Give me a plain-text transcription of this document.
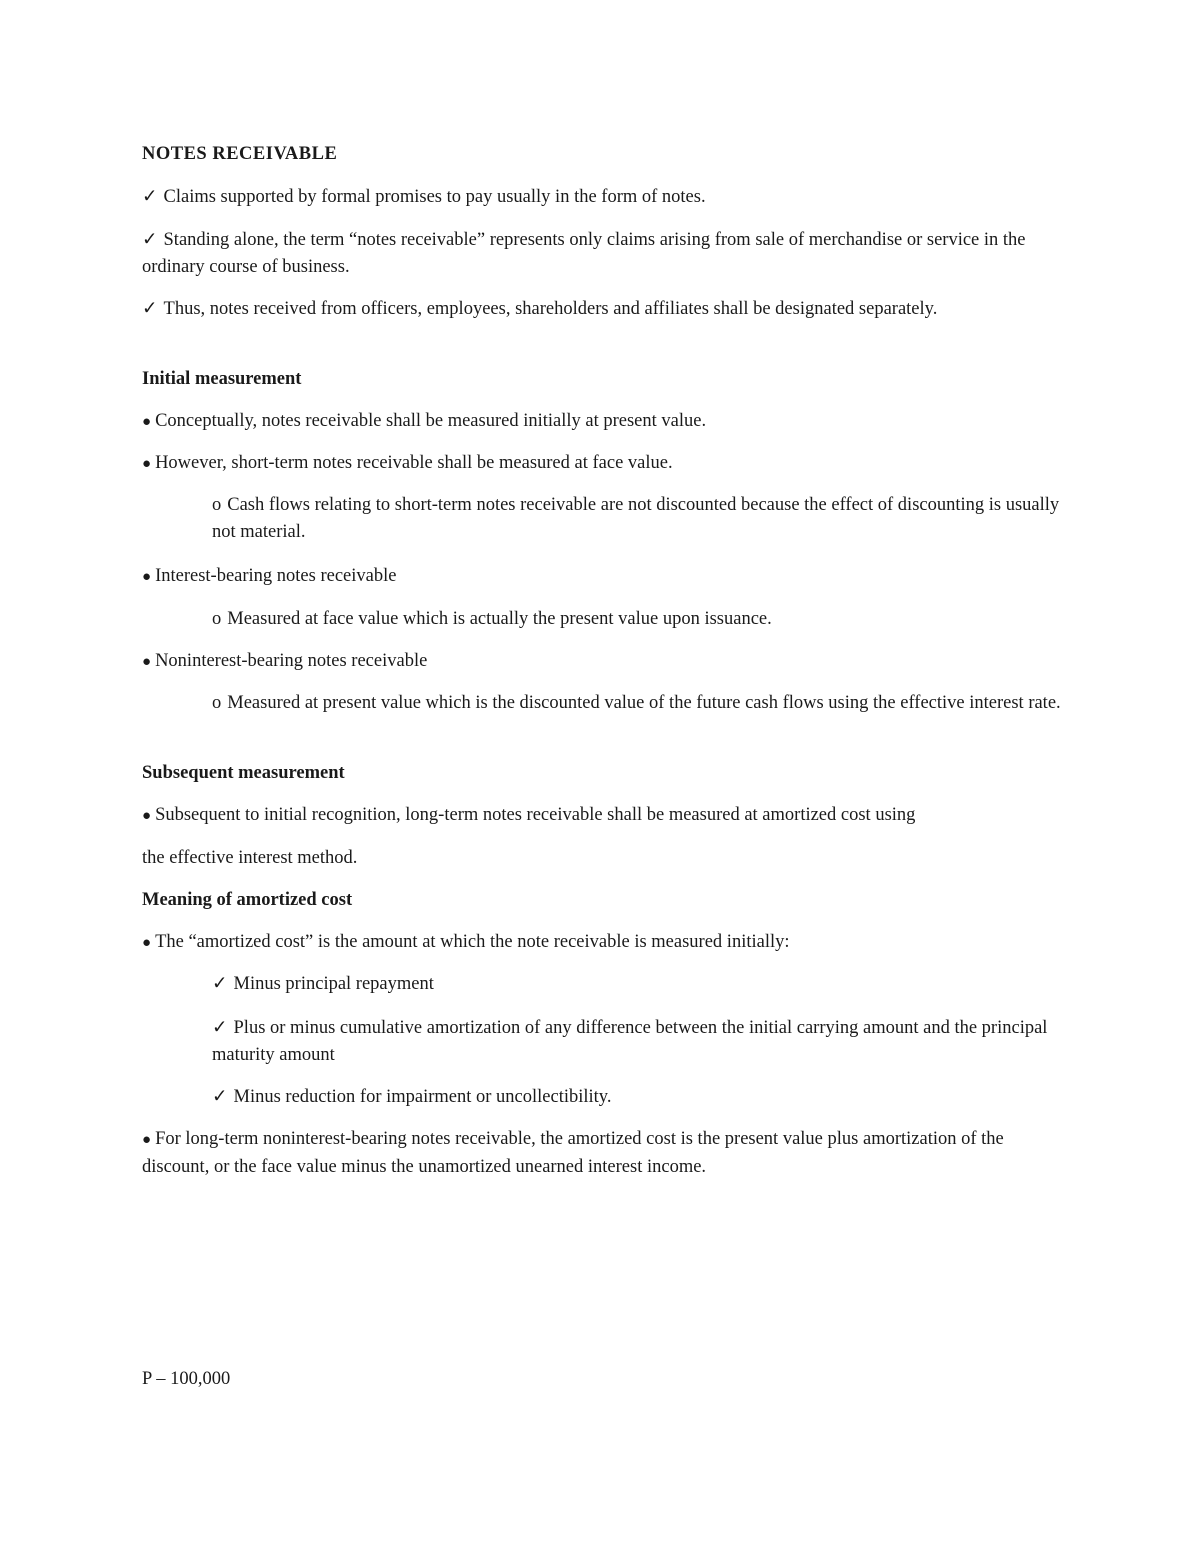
NOTES RECEIVABLE

✓ Claims supported by formal promises to pay usually in the form of notes.

✓ Standing alone, the term “notes receivable” represents only claims arising from sale of merchandise or service in the ordinary course of business.

✓ Thus, notes received from officers, employees, shareholders and affiliates shall be designated separately.

Initial measurement

● Conceptually, notes receivable shall be measured initially at present value.

● However, short-term notes receivable shall be measured at face value.

o Cash flows relating to short-term notes receivable are not discounted because the effect of discounting is usually not material.

● Interest-bearing notes receivable

o Measured at face value which is actually the present value upon issuance.

● Noninterest-bearing notes receivable

o Measured at present value which is the discounted value of the future cash flows using the effective interest rate.

Subsequent measurement

● Subsequent to initial recognition, long-term notes receivable shall be measured at amortized cost using

the effective interest method.

Meaning of amortized cost

● The “amortized cost” is the amount at which the note receivable is measured initially:

✓ Minus principal repayment

✓ Plus or minus cumulative amortization of any difference between the initial carrying amount and the principal maturity amount

✓ Minus reduction for impairment or uncollectibility.

● For long-term noninterest-bearing notes receivable, the amortized cost is the present value plus amortization of the discount, or the face value minus the unamortized unearned interest income.

P – 100,000
